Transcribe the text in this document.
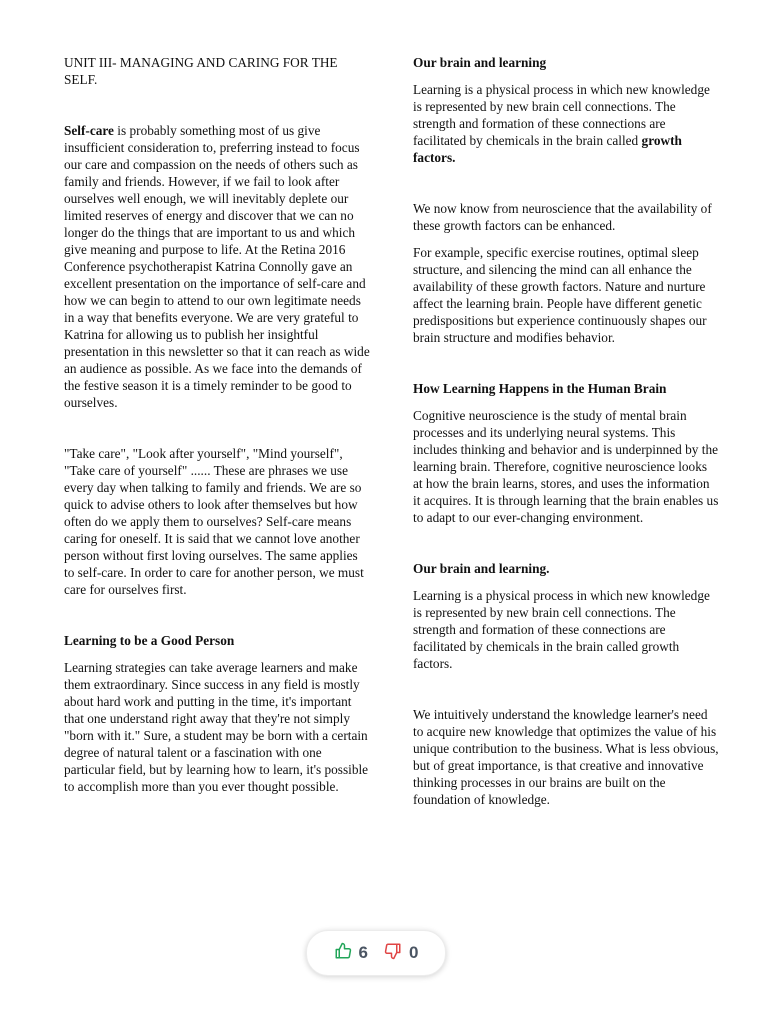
UNIT III- MANAGING AND CARING FOR THE SELF.

Self-care is probably something most of us give insufficient consideration to, preferring instead to focus our care and compassion on the needs of others such as family and friends. However, if we fail to look after ourselves well enough, we will inevitably deplete our limited reserves of energy and discover that we can no longer do the things that are important to us and which give meaning and purpose to life. At the Retina 2016 Conference psychotherapist Katrina Connolly gave an excellent presentation on the importance of self-care and how we can begin to attend to our own legitimate needs in a way that benefits everyone. We are very grateful to Katrina for allowing us to publish her insightful presentation in this newsletter so that it can reach as wide an audience as possible. As we face into the demands of the festive season it is a timely reminder to be good to ourselves.

"Take care", "Look after yourself", "Mind yourself", "Take care of yourself" ...... These are phrases we use every day when talking to family and friends. We are so quick to advise others to look after themselves but how often do we apply them to ourselves? Self-care means caring for oneself. It is said that we cannot love another person without first loving ourselves. The same applies to self-care. In order to care for another person, we must care for ourselves first.

Learning to be a Good Person

Learning strategies can take average learners and make them extraordinary. Since success in any field is mostly about hard work and putting in the time, it's important that one understand right away that they're not simply "born with it." Sure, a student may be born with a certain degree of natural talent or a fascination with one particular field, but by learning how to learn, it's possible to accomplish more than you ever thought possible.

Our brain and learning

Learning is a physical process in which new knowledge is represented by new brain cell connections. The strength and formation of these connections are facilitated by chemicals in the brain called growth factors.

We now know from neuroscience that the availability of these growth factors can be enhanced.

For example, specific exercise routines, optimal sleep structure, and silencing the mind can all enhance the availability of these growth factors. Nature and nurture affect the learning brain. People have different genetic predispositions but experience continuously shapes our brain structure and modifies behavior.

How Learning Happens in the Human Brain

Cognitive neuroscience is the study of mental brain processes and its underlying neural systems. This includes thinking and behavior and is underpinned by the learning brain. Therefore, cognitive neuroscience looks at how the brain learns, stores, and uses the information it acquires. It is through learning that the brain enables us to adapt to our ever-changing environment.

Our brain and learning.

Learning is a physical process in which new knowledge is represented by new brain cell connections. The strength and formation of these connections are facilitated by chemicals in the brain called growth factors.

We intuitively understand the knowledge learner's need to acquire new knowledge that optimizes the value of his unique contribution to the business. What is less obvious, but of great importance, is that creative and innovative thinking processes in our brains are built on the foundation of knowledge.

6 0
